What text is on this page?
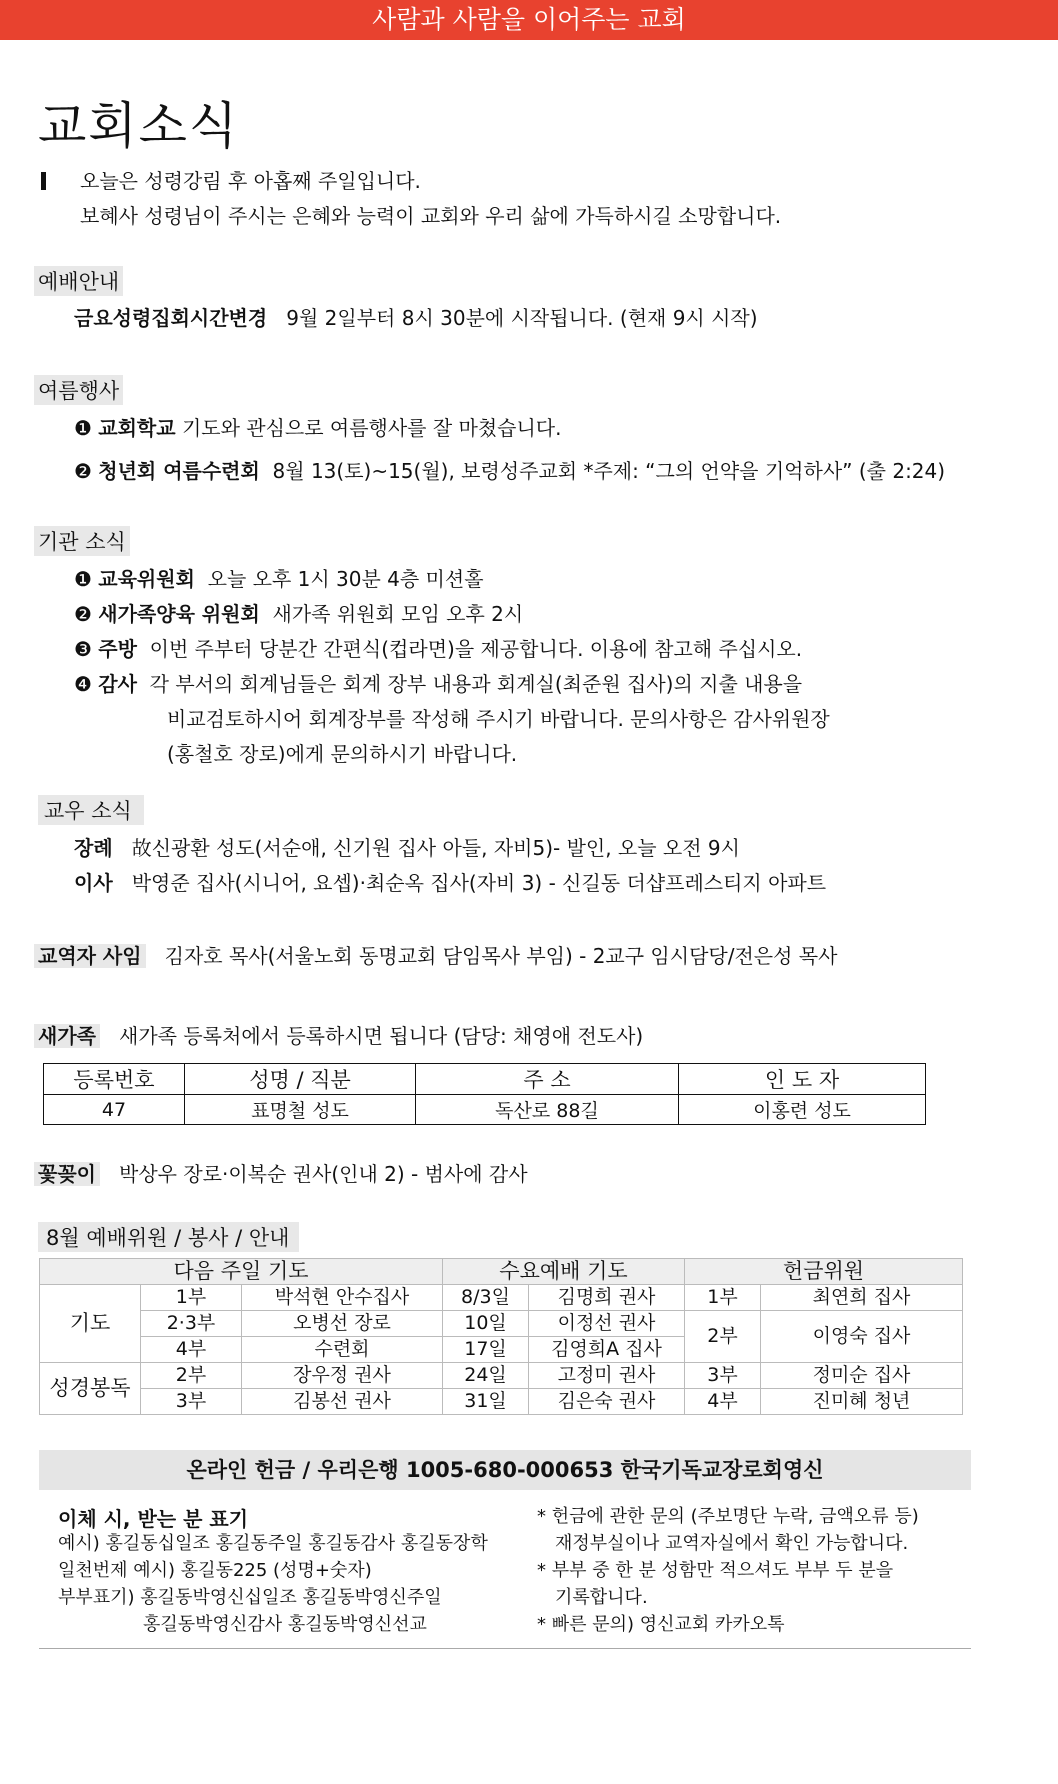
사람과 사람을 이어주는 교회
교회소식
오늘은 성령강림 후 아홉째 주일입니다.
보혜사 성령님이 주시는 은혜와 능력이 교회와 우리 삶에 가득하시길 소망합니다.
예배안내
금요성령집회시간변경 9월 2일부터 8시 30분에 시작됩니다. (현재 9시 시작)
여름행사
❶ 교회학교 기도와 관심으로 여름행사를 잘 마쳤습니다.
❷ 청년회 여름수련회 8월 13(토)~15(월), 보령성주교회 *주제: “그의 언약을 기억하사” (출 2:24)
기관 소식
❶ 교육위원회 오늘 오후 1시 30분 4층 미션홀
❷ 새가족양육 위원회 새가족 위원회 모임 오후 2시
❸ 주방 이번 주부터 당분간 간편식(컵라면)을 제공합니다. 이용에 참고해 주십시오.
❹ 감사 각 부서의 회계님들은 회계 장부 내용과 회계실(최준원 집사)의 지출 내용을
비교검토하시어 회계장부를 작성해 주시기 바랍니다. 문의사항은 감사위원장
(홍철호 장로)에게 문의하시기 바랍니다.
교우 소식
장례 故신광환 성도(서순애, 신기원 집사 아들, 자비5)- 발인, 오늘 오전 9시
이사 박영준 집사(시니어, 요셉)·최순옥 집사(자비 3) - 신길동 더샵프레스티지 아파트
교역자 사임 김자호 목사(서울노회 동명교회 담임목사 부임) - 2교구 임시담당/전은성 목사
새가족 새가족 등록처에서 등록하시면 됩니다 (담당: 채영애 전도사)
등록번호	성명 / 직분	주 소	인 도 자
47	표명철 성도	독산로 88길	이홍련 성도
꽃꽂이 박상우 장로·이복순 권사(인내 2) - 범사에 감사
8월 예배위원 / 봉사 / 안내
다음 주일 기도			수요예배 기도		헌금위원	
기도	1부	박석현 안수집사	8/3일	김명희 권사	1부	최연희 집사
	2·3부	오병선 장로	10일	이정선 권사	2부	이영숙 집사
	4부	수련회	17일	김영희A 집사		
성경봉독	2부	장우정 권사	24일	고정미 권사	3부	정미순 집사
	3부	김봉선 권사	31일	김은숙 권사	4부	진미혜 청년
온라인 헌금 / 우리은행 1005-680-000653 한국기독교장로회영신
이체 시, 받는 분 표기
예시) 홍길동십일조 홍길동주일 홍길동감사 홍길동장학
일천번제 예시) 홍길동225 (성명+숫자)
부부표기) 홍길동박영신십일조 홍길동박영신주일
홍길동박영신감사 홍길동박영신선교
* 헌금에 관한 문의 (주보명단 누락, 금액오류 등)
재정부실이나 교역자실에서 확인 가능합니다.
* 부부 중 한 분 성함만 적으셔도 부부 두 분을
기록합니다.
* 빠른 문의) 영신교회 카카오톡
